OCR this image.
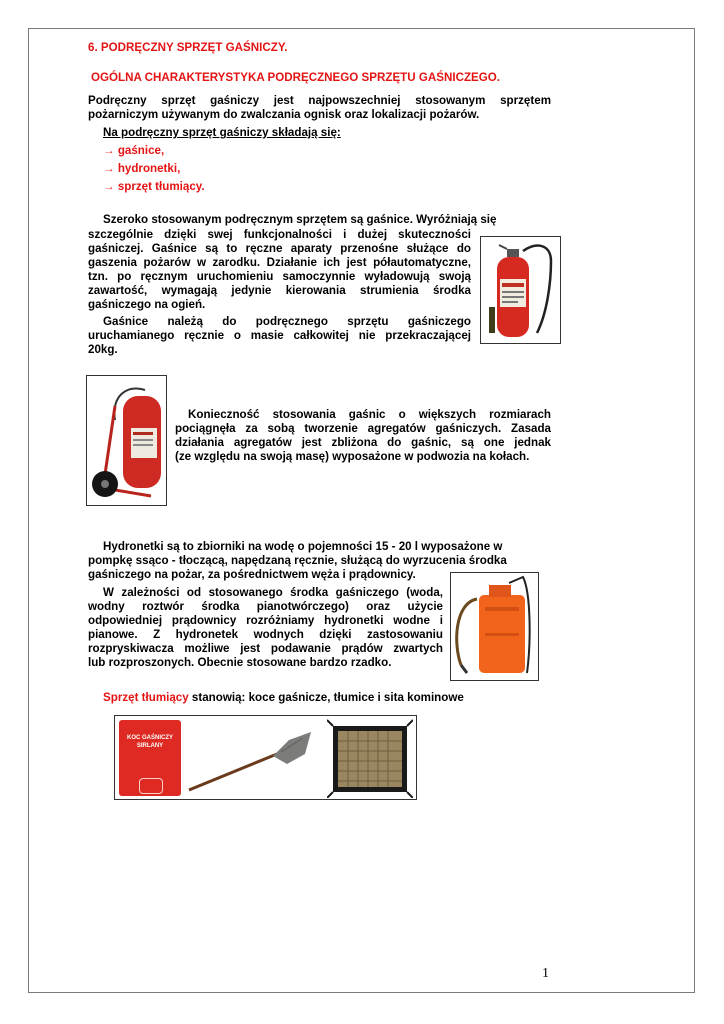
6. PODRĘCZNY SPRZĘT GAŚNICZY.
OGÓLNA CHARAKTERYSTYKA PODRĘCZNEGO SPRZĘTU GAŚNICZEGO.
Podręczny sprzęt gaśniczy jest najpowszechniej stosowanym sprzętem
pożarniczym używanym do zwalczania ognisk oraz lokalizacji pożarów.
Na podręczny sprzęt gaśniczy składają się:
→ gaśnice,
→ hydronetki,
→ sprzęt tłumiący.
Szeroko stosowanym podręcznym sprzętem są gaśnice. Wyróżniają się
szczególnie dzięki swej funkcjonalności i dużej skuteczności
gaśniczej. Gaśnice są to ręczne aparaty przenośne służące do
gaszenia pożarów w zarodku. Działanie ich jest półautomatyczne,
tzn. po ręcznym uruchomieniu samoczynnie wyładowują swoją
zawartość, wymagają jedynie kierowania strumienia środka
gaśniczego na ogień.
Gaśnice należą do podręcznego sprzętu gaśniczego
uruchamianego ręcznie o masie całkowitej nie przekraczającej
20kg.
Konieczność stosowania gaśnic o większych rozmiarach
pociągnęła za sobą tworzenie agregatów gaśniczych. Zasada
działania agregatów jest zbliżona do gaśnic, są one jednak
(ze względu na swoją masę) wyposażone w podwozia na kołach.
Hydronetki są to zbiorniki na wodę o pojemności 15 - 20 l wyposażone w
pompkę ssąco - tłoczącą, napędzaną ręcznie, służącą do wyrzucenia środka
gaśniczego na pożar, za pośrednictwem węża i prądownicy.
W zależności od stosowanego środka gaśniczego (woda,
wodny roztwór środka pianotwórczego) oraz użycie
odpowiedniej prądownicy rozróżniamy hydronetki wodne i
pianowe. Z hydronetek wodnych dzięki zastosowaniu
rozpryskiwacza możliwe jest podawanie prądów zwartych
lub rozproszonych. Obecnie stosowane bardzo rzadko.
Sprzęt tłumiący stanowią: koce gaśnicze, tłumice i sita kominowe
KOC GAŚNICZY
SIRLANY
1
